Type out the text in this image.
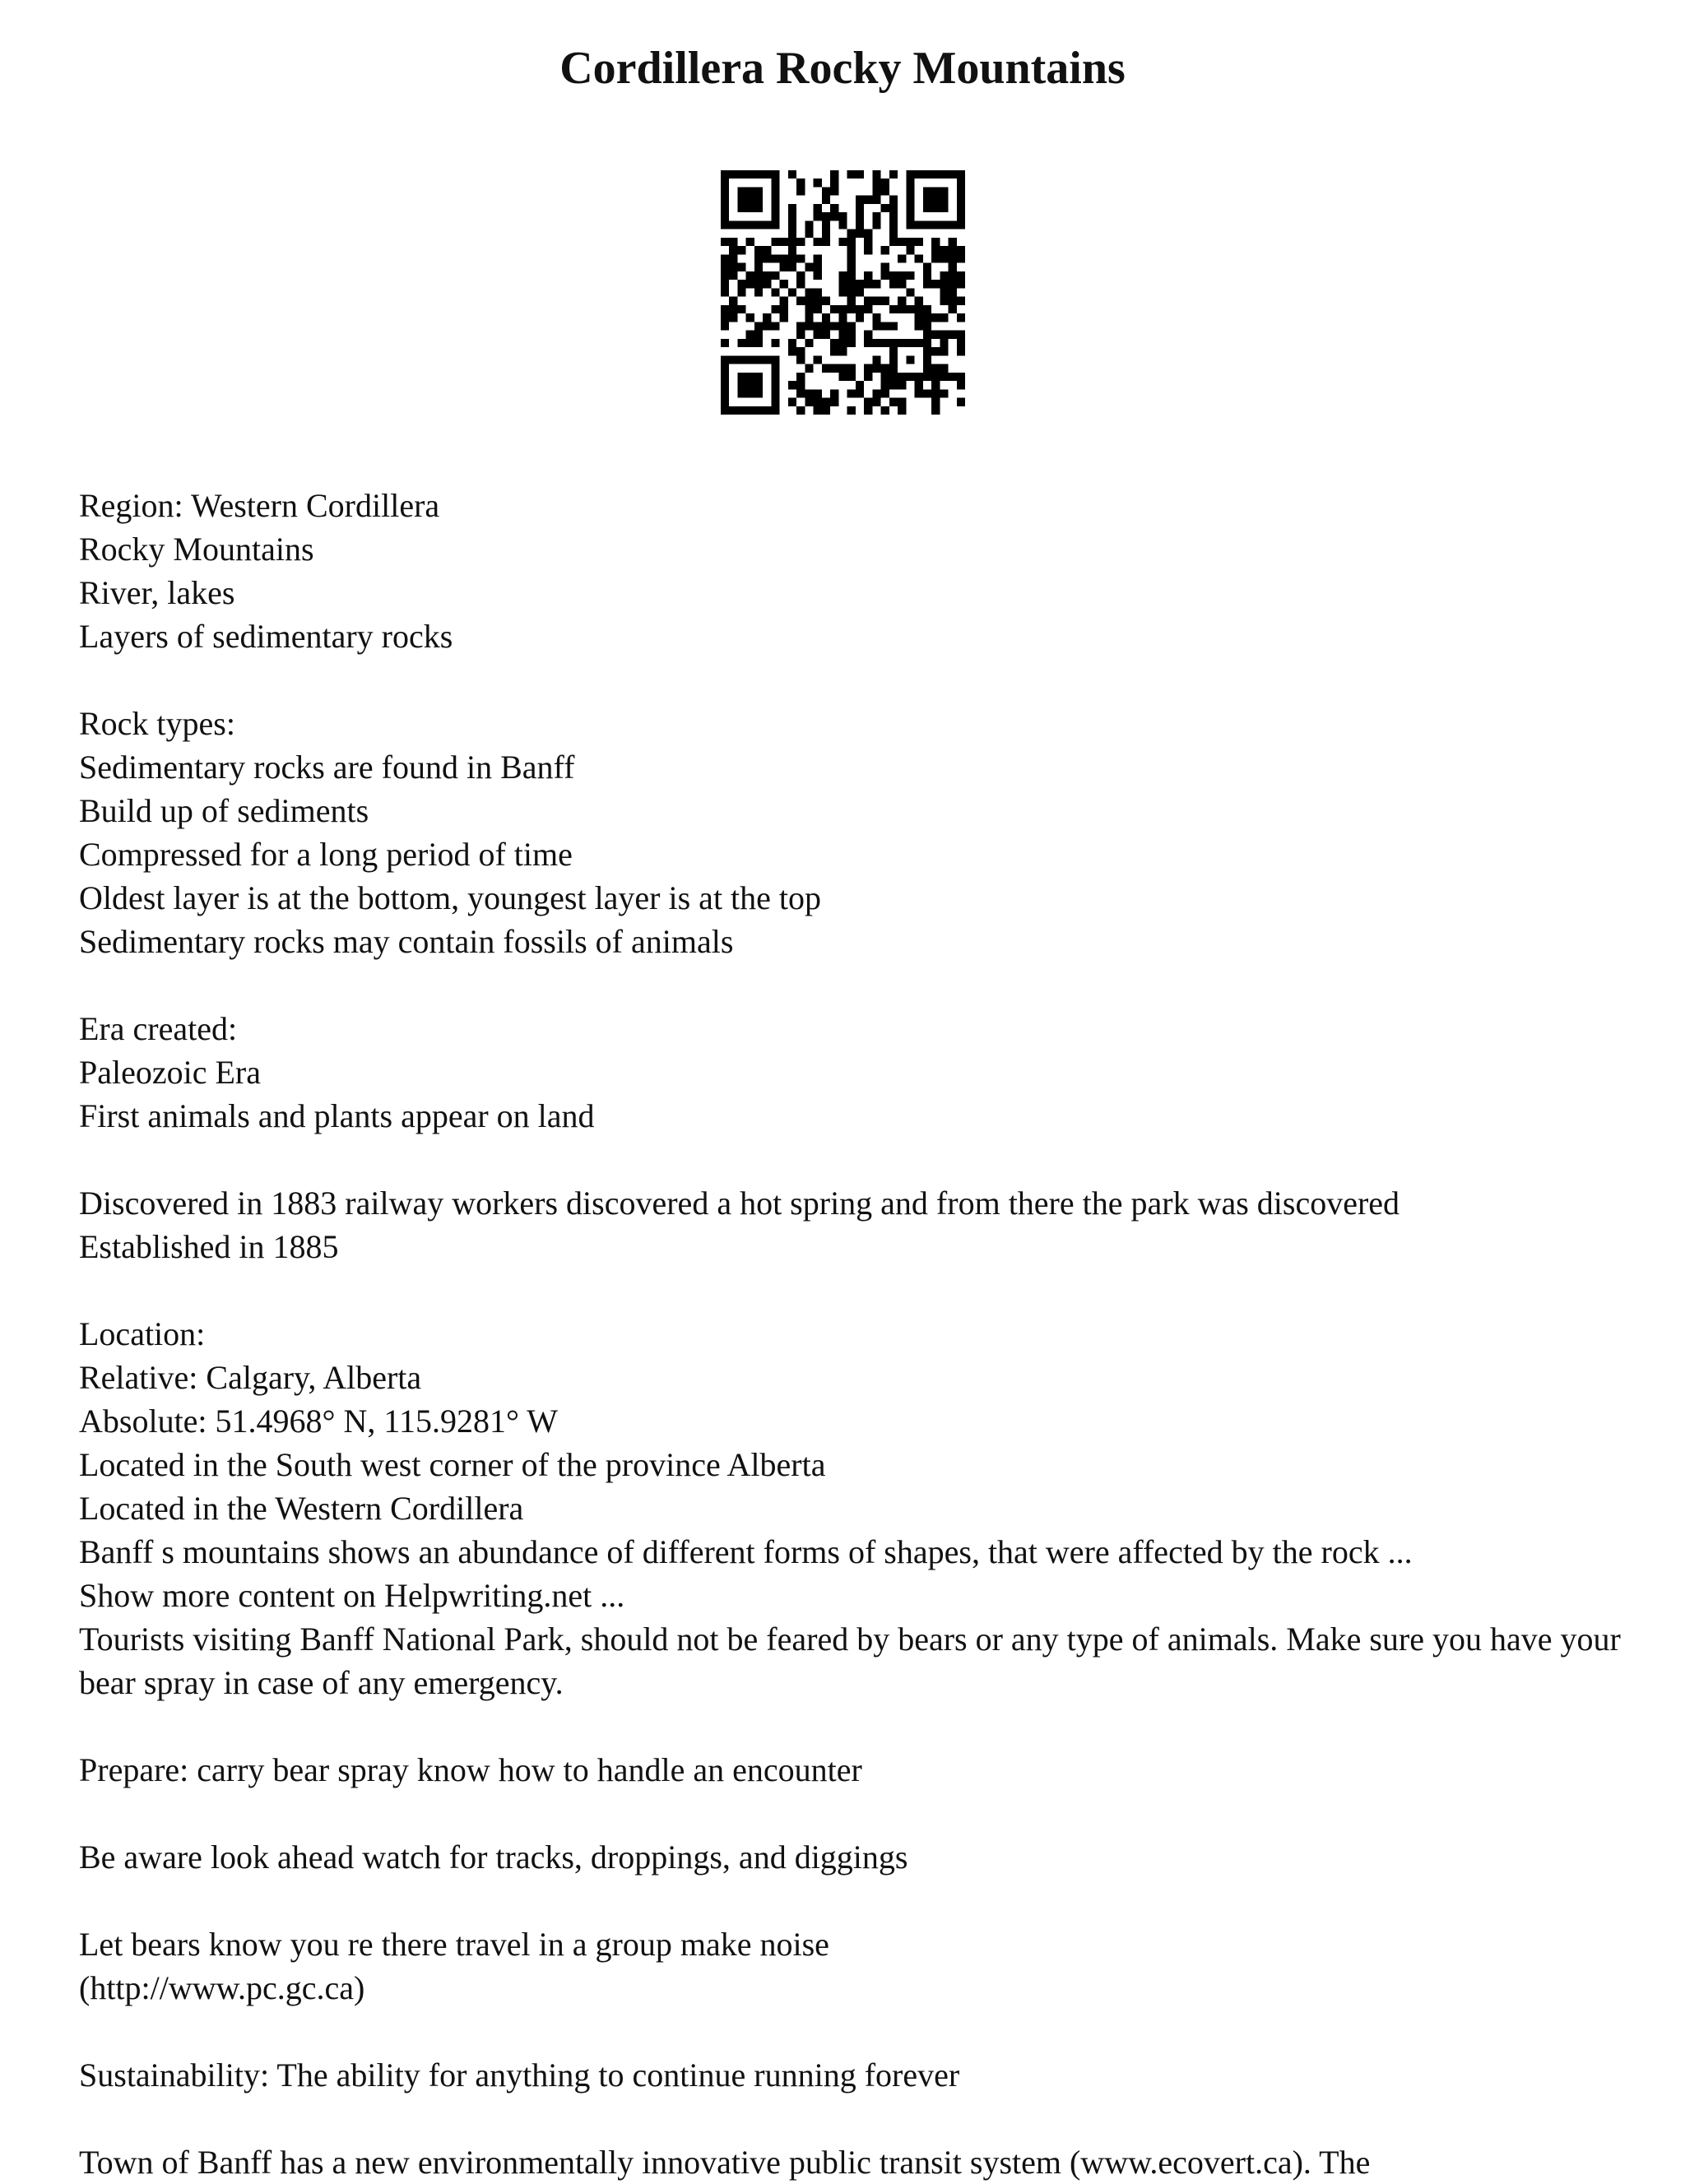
Cordillera Rocky Mountains
Region: Western Cordillera
Rocky Mountains
River, lakes
Layers of sedimentary rocks
Rock types:
Sedimentary rocks are found in Banff
Build up of sediments
Compressed for a long period of time
Oldest layer is at the bottom, youngest layer is at the top
Sedimentary rocks may contain fossils of animals
Era created:
Paleozoic Era
First animals and plants appear on land
Discovered in 1883 railway workers discovered a hot spring and from there the park was discovered
Established in 1885
Location:
Relative: Calgary, Alberta
Absolute: 51.4968° N, 115.9281° W
Located in the South west corner of the province Alberta
Located in the Western Cordillera
Banff s mountains shows an abundance of different forms of shapes, that were affected by the rock ...
Show more content on Helpwriting.net ...
Tourists visiting Banff National Park, should not be feared by bears or any type of animals. Make sure you have your bear spray in case of any emergency.
Prepare: carry bear spray know how to handle an encounter
Be aware look ahead watch for tracks, droppings, and diggings
Let bears know you re there travel in a group make noise
(http://www.pc.gc.ca)
Sustainability: The ability for anything to continue running forever
Town of Banff has a new environmentally innovative public transit system (www.ecovert.ca). The
